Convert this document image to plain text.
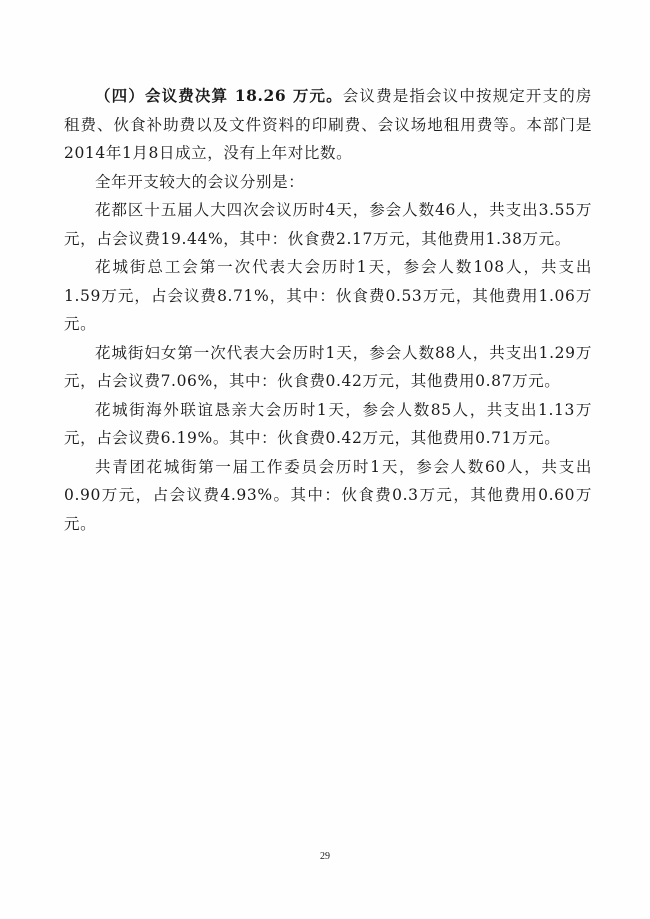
（四）会议费决算 18.26 万元。会议费是指会议中按规定开支的房租费、伙食补助费以及文件资料的印刷费、会议场地租用费等。本部门是2014年1月8日成立，没有上年对比数。

全年开支较大的会议分别是：

花都区十五届人大四次会议历时4天，参会人数46人，共支出3.55万元，占会议费19.44%，其中：伙食费2.17万元，其他费用1.38万元。

花城街总工会第一次代表大会历时1天，参会人数108人，共支出1.59万元，占会议费8.71%，其中：伙食费0.53万元，其他费用1.06万元。

花城街妇女第一次代表大会历时1天，参会人数88人，共支出1.29万元，占会议费7.06%，其中：伙食费0.42万元，其他费用0.87万元。

花城街海外联谊恳亲大会历时1天，参会人数85人，共支出1.13万元，占会议费6.19%。其中：伙食费0.42万元，其他费用0.71万元。

共青团花城街第一届工作委员会历时1天，参会人数60人，共支出0.90万元，占会议费4.93%。其中：伙食费0.3万元，其他费用0.60万元。

29
